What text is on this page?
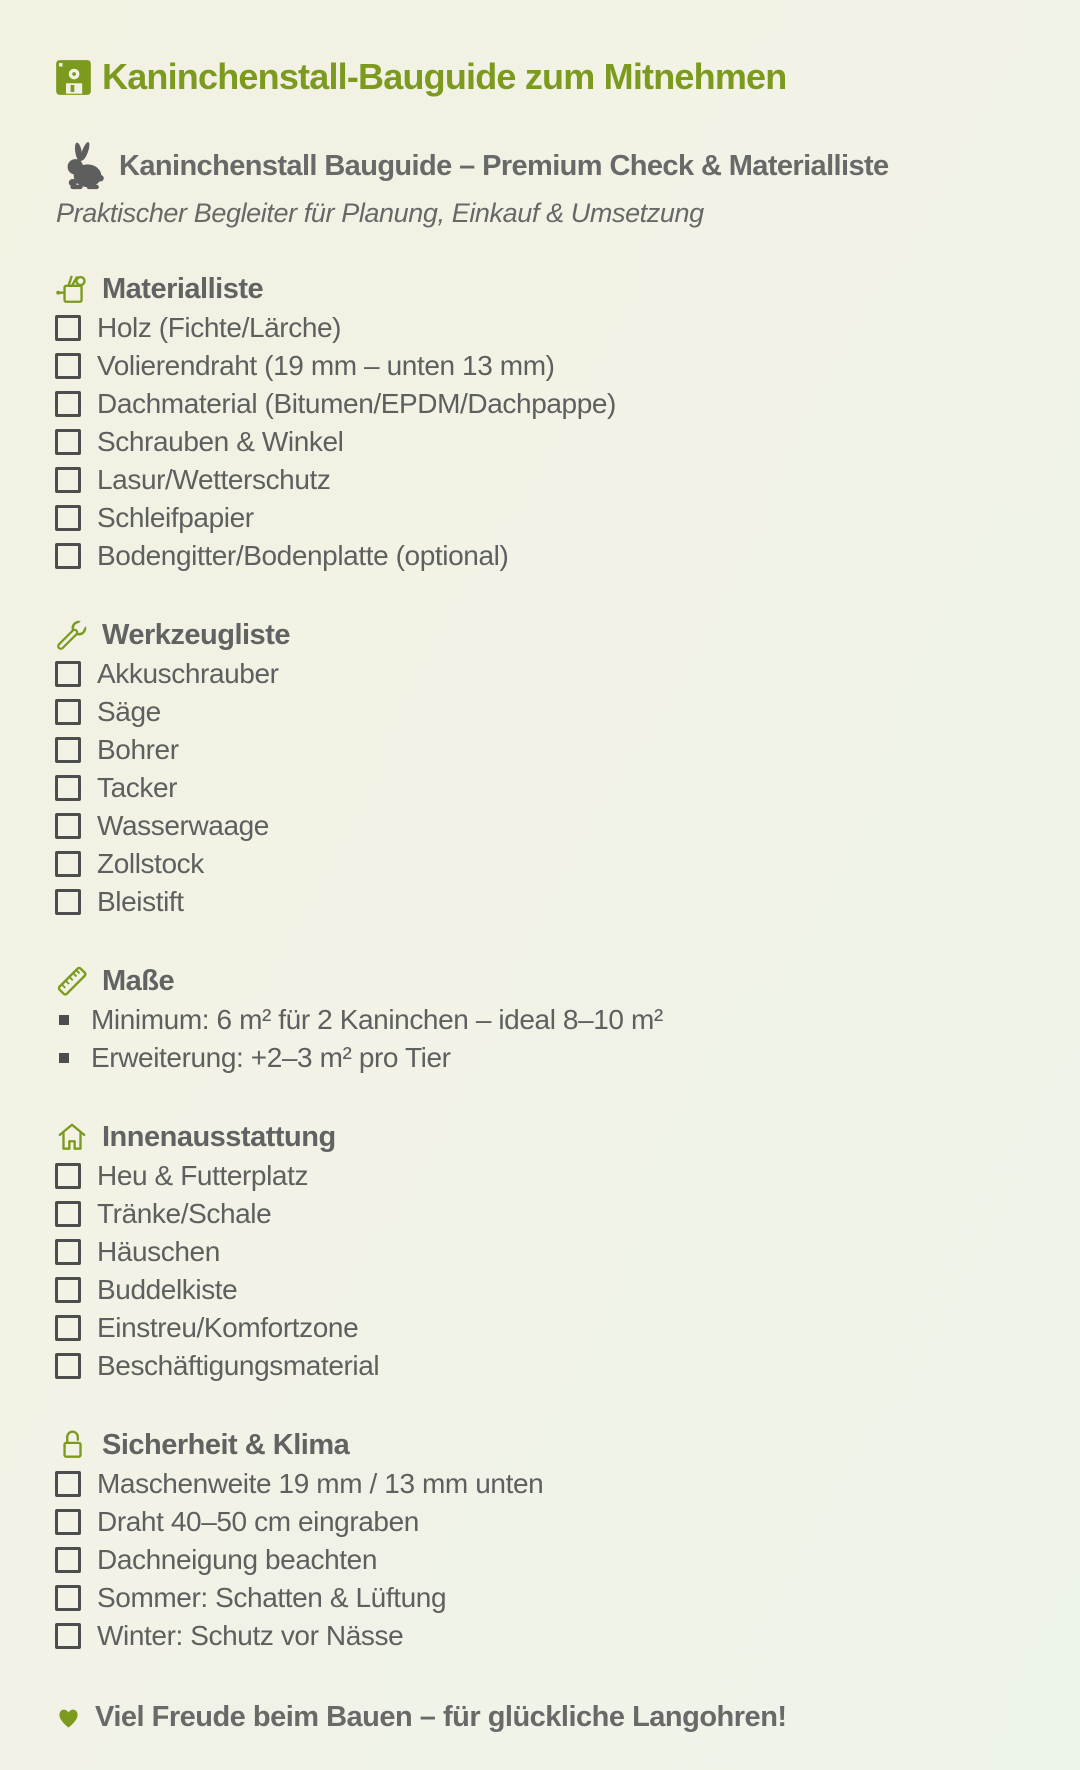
Kaninchenstall-Bauguide zum Mitnehmen
Kaninchenstall Bauguide – Premium Check & Materialliste
Praktischer Begleiter für Planung, Einkauf & Umsetzung
Materialliste
Holz (Fichte/Lärche)
Volierendraht (19 mm – unten 13 mm)
Dachmaterial (Bitumen/EPDM/Dachpappe)
Schrauben & Winkel
Lasur/Wetterschutz
Schleifpapier
Bodengitter/Bodenplatte (optional)
Werkzeugliste
Akkuschrauber
Säge
Bohrer
Tacker
Wasserwaage
Zollstock
Bleistift
Maße
Minimum: 6 m² für 2 Kaninchen – ideal 8–10 m²
Erweiterung: +2–3 m² pro Tier
Innenausstattung
Heu & Futterplatz
Tränke/Schale
Häuschen
Buddelkiste
Einstreu/Komfortzone
Beschäftigungsmaterial
Sicherheit & Klima
Maschenweite 19 mm / 13 mm unten
Draht 40–50 cm eingraben
Dachneigung beachten
Sommer: Schatten & Lüftung
Winter: Schutz vor Nässe
Viel Freude beim Bauen – für glückliche Langohren!
